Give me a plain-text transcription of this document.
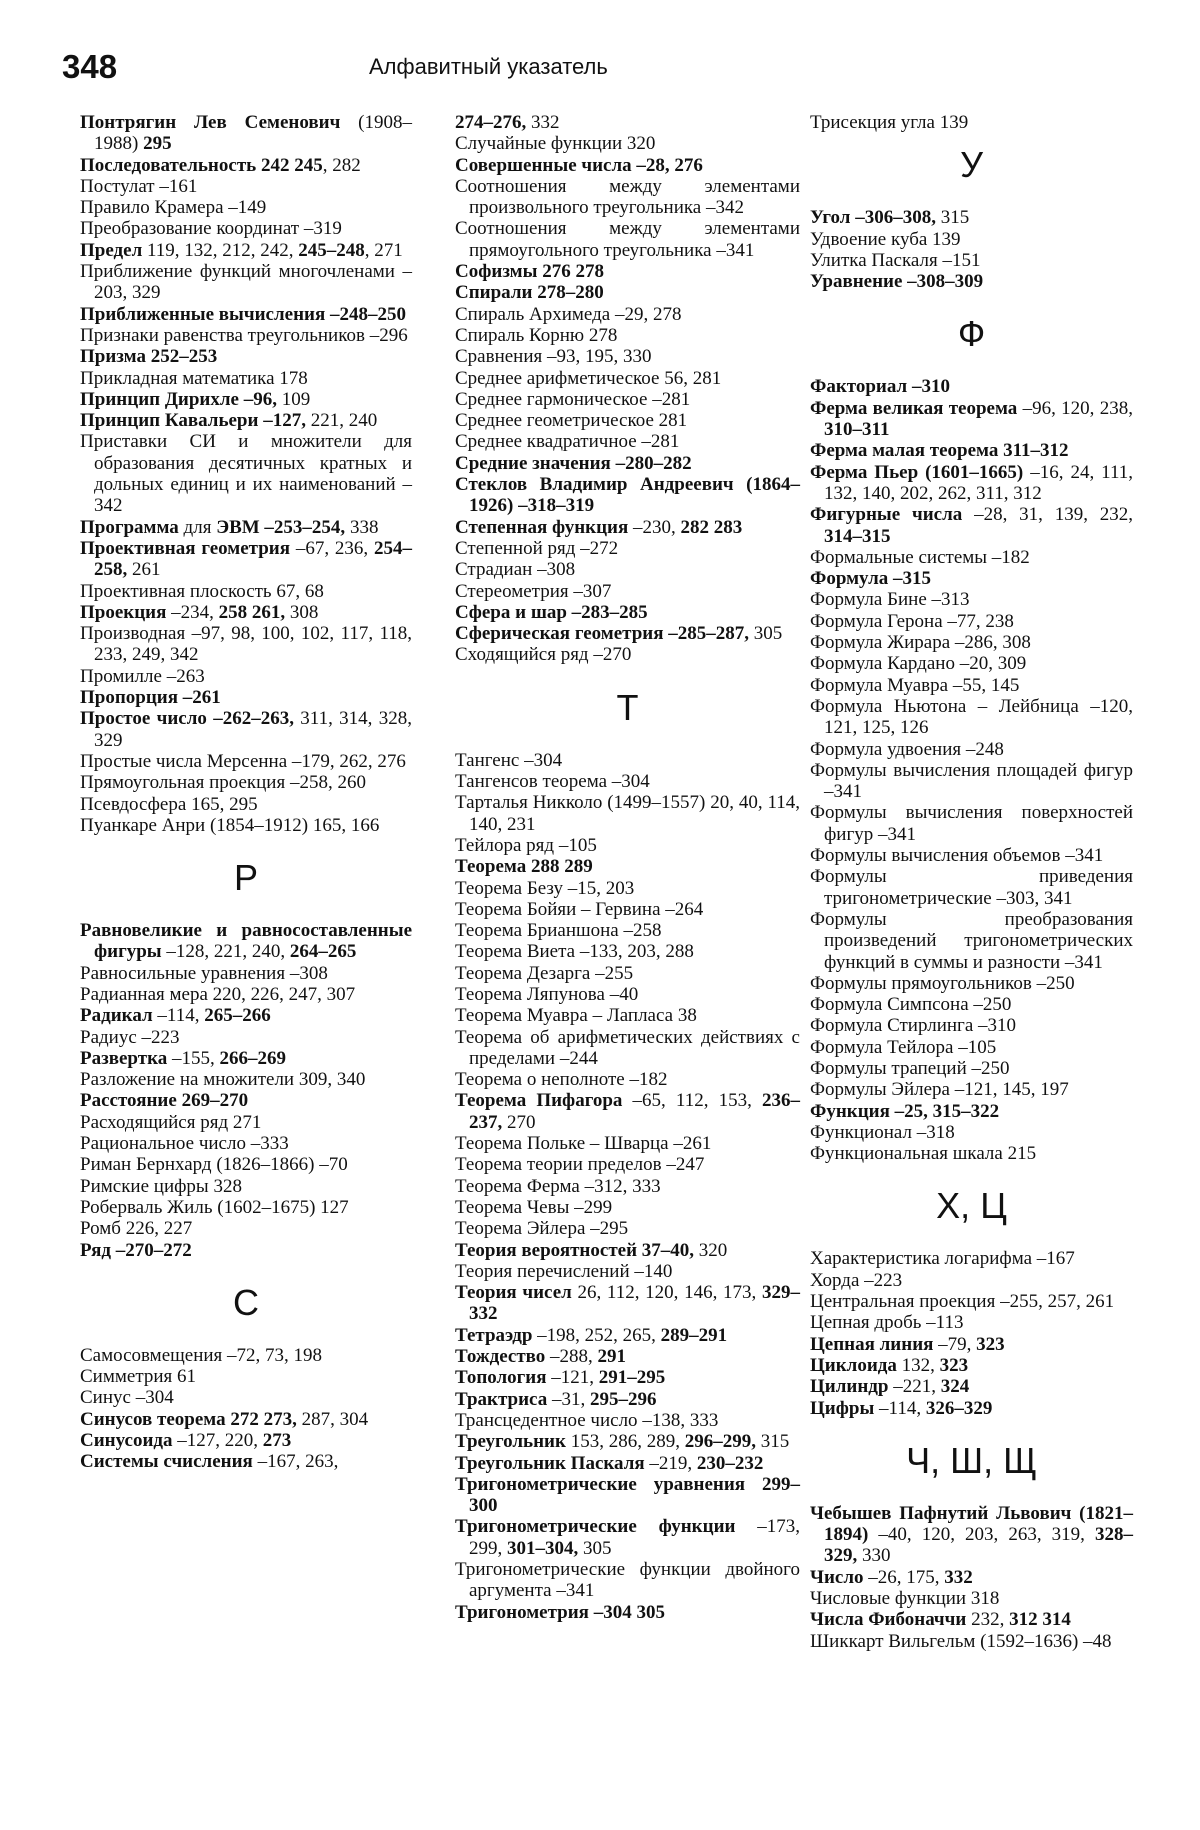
348	Алфавитный указатель

Понтрягин Лев Семенович (1908–1988) 295

Последовательность 242 245, 282

Постулат –161

Правило Крамера –149

Преобразование координат –319

Предел 119, 132, 212, 242, 245–248, 271

Приближение функций многочленами –203, 329

Приближенные вычисления –248–250

Признаки равенства треугольников –296

Призма 252–253

Прикладная математика 178

Принцип Дирихле –96, 109

Принцип Кавальери –127, 221, 240

Приставки СИ и множители для образования десятичных кратных и дольных единиц и их наименований –342

Программа для ЭВМ –253–254, 338

Проективная геометрия –67, 236, 254–258, 261

Проективная плоскость 67, 68

Проекция –234, 258 261, 308

Производная –97, 98, 100, 102, 117, 118, 233, 249, 342

Промилле –263

Пропорция –261

Простое число –262–263, 311, 314, 328, 329

Простые числа Мерсенна –179, 262, 276

Прямоугольная проекция –258, 260

Псевдосфера 165, 295

Пуанкаре Анри (1854–1912) 165, 166

Р

Равновеликие и равносоставленные фигуры –128, 221, 240, 264–265

Равносильные уравнения –308

Радианная мера 220, 226, 247, 307

Радикал –114, 265–266

Радиус –223

Развертка –155, 266–269

Разложение на множители 309, 340

Расстояние 269–270

Расходящийся ряд 271

Рациональное число –333

Риман Бернхард (1826–1866) –70

Римские цифры 328

Роберваль Жиль (1602–1675) 127

Ромб 226, 227

Ряд –270–272

С

Самосовмещения –72, 73, 198

Симметрия 61

Синус –304

Синусов теорема 272 273, 287, 304

Синусоида –127, 220, 273

Системы счисления –167, 263,

274–276, 332

Случайные функции 320

Совершенные числа –28, 276

Соотношения между элементами произвольного треугольника –342

Соотношения между элементами прямоугольного треугольника –341

Софизмы 276 278

Спирали 278–280

Спираль Архимеда –29, 278

Спираль Корню 278

Сравнения –93, 195, 330

Среднее арифметическое 56, 281

Среднее гармоническое –281

Среднее геометрическое 281

Среднее квадратичное –281

Средние значения –280–282

Стеклов Владимир Андреевич (1864–1926) –318–319

Степенная функция –230, 282 283

Степенной ряд –272

Страдиан –308

Стереометрия –307

Сфера и шар –283–285

Сферическая геометрия –285–287, 305

Сходящийся ряд –270

Т

Тангенс –304

Тангенсов теорема –304

Тарталья Никколо (1499–1557) 20, 40, 114, 140, 231

Тейлора ряд –105

Теорема 288 289

Теорема Безу –15, 203

Теорема Бойяи – Гервина –264

Теорема Брианшона –258

Теорема Виета –133, 203, 288

Теорема Дезарга –255

Теорема Ляпунова –40

Теорема Муавра – Лапласа 38

Теорема об арифметических действиях с пределами –244

Теорема о неполноте –182

Теорема Пифагора –65, 112, 153, 236–237, 270

Теорема Польке – Шварца –261

Теорема теории пределов –247

Теорема Ферма –312, 333

Теорема Чевы –299

Теорема Эйлера –295

Теория вероятностей 37–40, 320

Теория перечислений –140

Теория чисел 26, 112, 120, 146, 173, 329–332

Тетраэдр –198, 252, 265, 289–291

Тождество –288, 291

Топология –121, 291–295

Трактриса –31, 295–296

Трансцедентное число –138, 333

Треугольник 153, 286, 289, 296–299, 315

Треугольник Паскаля –219, 230–232

Тригонометрические уравнения 299–300

Тригонометрические функции –173, 299, 301–304, 305

Тригонометрические функции двойного аргумента –341

Тригонометрия –304 305

Трисекция угла 139

У

Угол –306–308, 315

Удвоение куба 139

Улитка Паскаля –151

Уравнение –308–309

Ф

Факториал –310

Ферма великая теорема –96, 120, 238, 310–311

Ферма малая теорема 311–312

Ферма Пьер (1601–1665) –16, 24, 111, 132, 140, 202, 262, 311, 312

Фигурные числа –28, 31, 139, 232, 314–315

Формальные системы –182

Формула –315

Формула Бине –313

Формула Герона –77, 238

Формула Жирара –286, 308

Формула Кардано –20, 309

Формула Муавра –55, 145

Формула Ньютона – Лейбница –120, 121, 125, 126

Формула удвоения –248

Формулы вычисления площадей фигур –341

Формулы вычисления поверхностей фигур –341

Формулы вычисления объемов –341

Формулы приведения тригонометрические –303, 341

Формулы преобразования произведений тригонометрических функций в суммы и разности –341

Формулы прямоугольников –250

Формула Симпсона –250

Формула Стирлинга –310

Формула Тейлора –105

Формулы трапеций –250

Формулы Эйлера –121, 145, 197

Функция –25, 315–322

Функционал –318

Функциональная шкала 215

Х, Ц

Характеристика логарифма –167

Хорда –223

Центральная проекция –255, 257, 261

Цепная дробь –113

Цепная линия –79, 323

Циклоида 132, 323

Цилиндр –221, 324

Цифры –114, 326–329

Ч, Ш, Щ

Чебышев Пафнутий Львович (1821–1894) –40, 120, 203, 263, 319, 328–329, 330

Число –26, 175, 332

Числовые функции 318

Числа Фибоначчи 232, 312 314

Шиккарт Вильгельм (1592–1636) –48
